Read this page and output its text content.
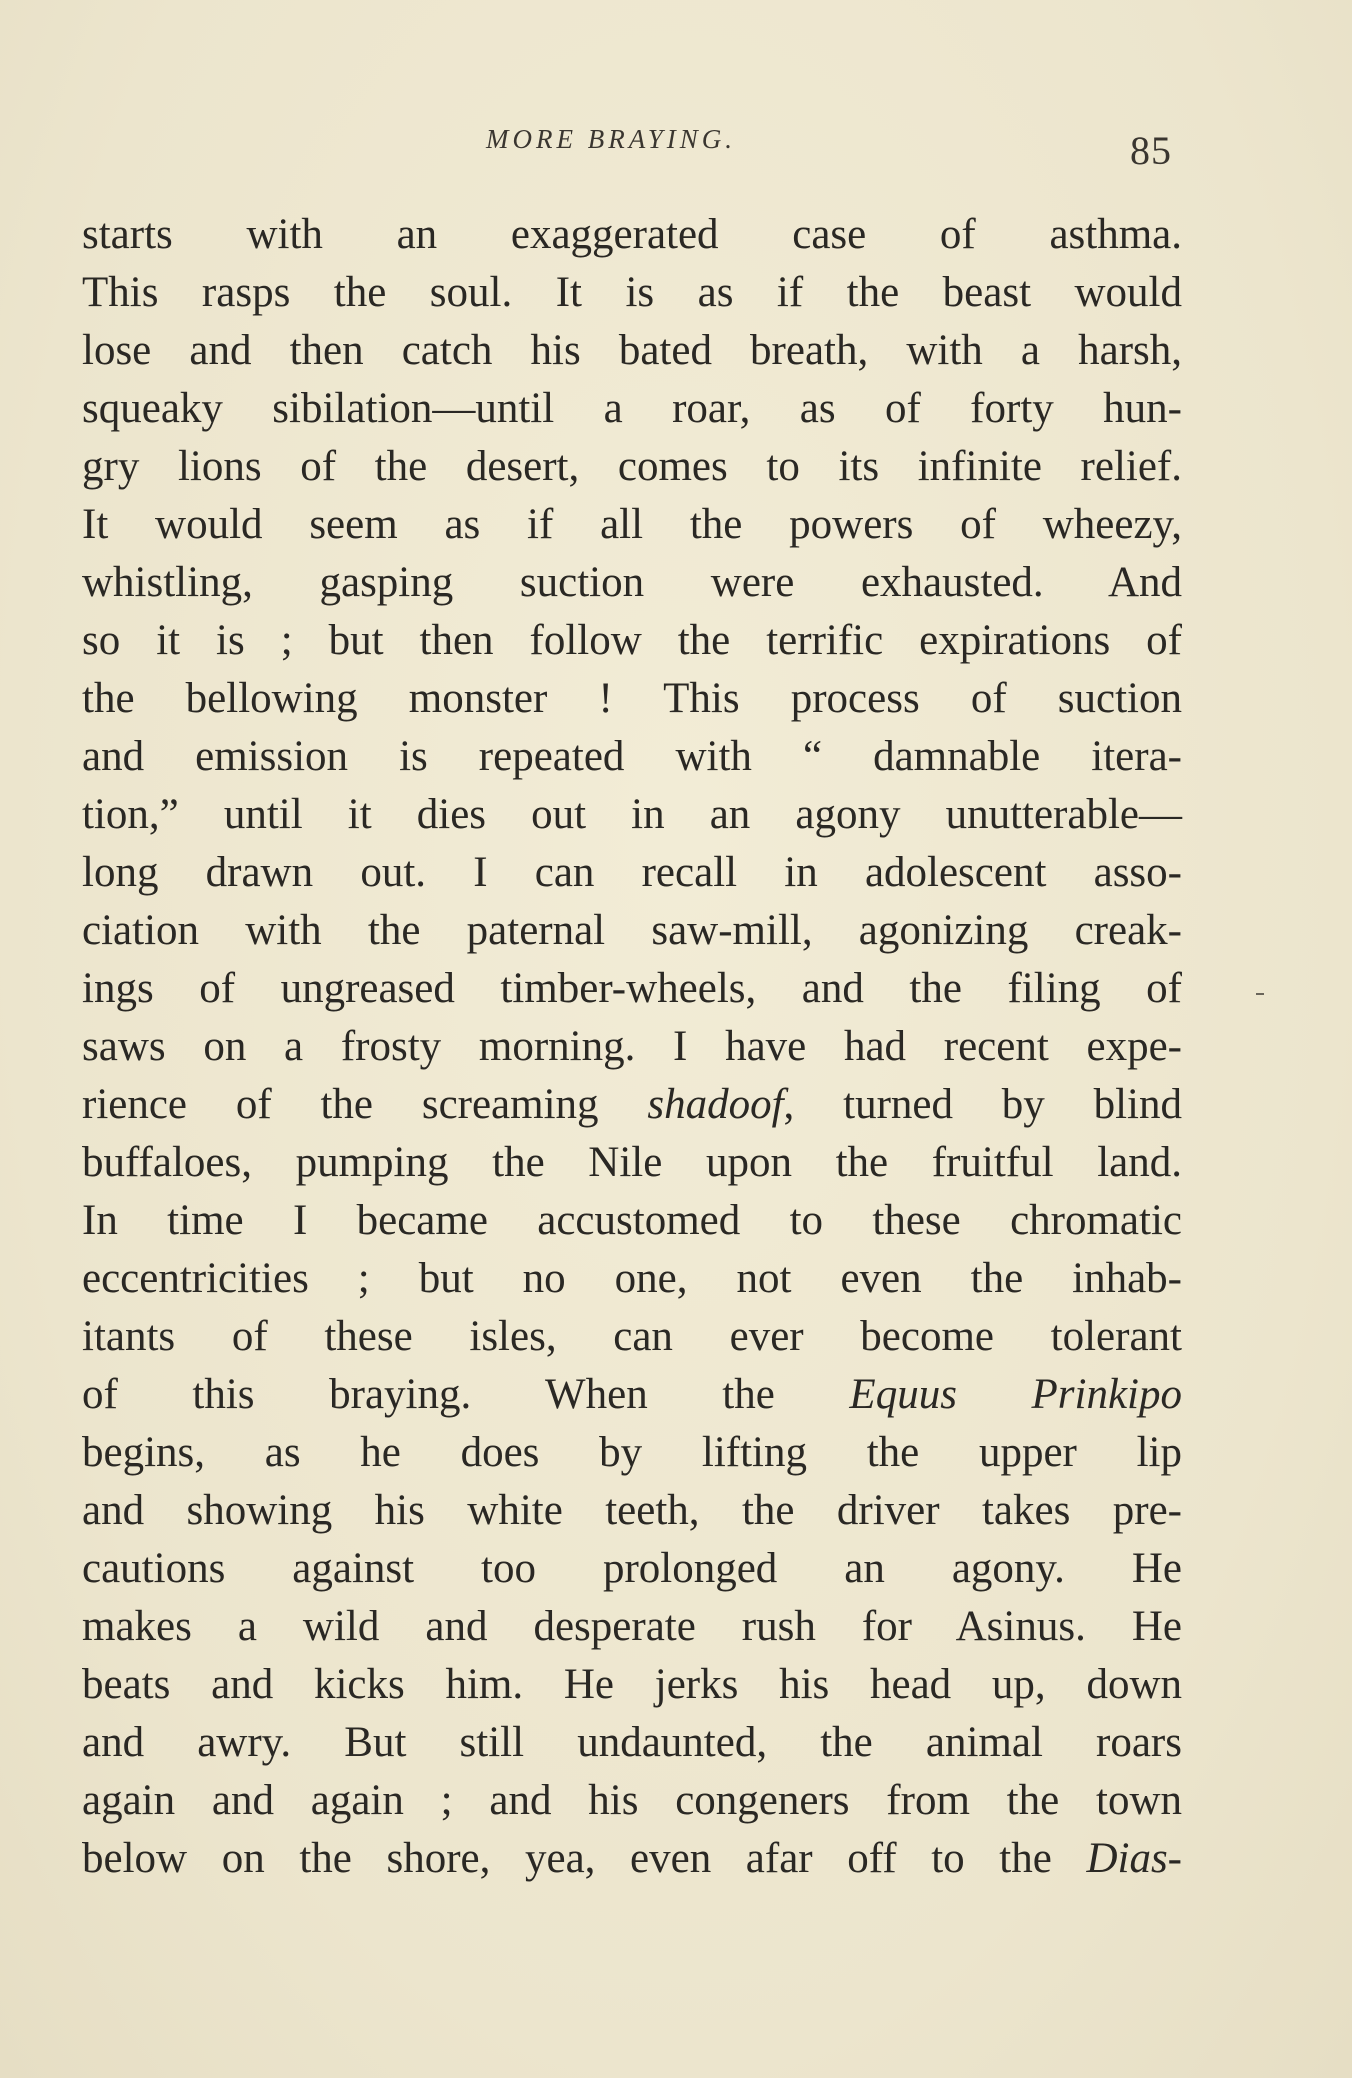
MORE BRAYING.	85
starts with an exaggerated case of asthma.
This rasps the soul. It is as if the beast would
lose and then catch his bated breath, with a harsh,
squeaky sibilation—until a roar, as of forty hun-
gry lions of the desert, comes to its infinite relief.
It would seem as if all the powers of wheezy,
whistling, gasping suction were exhausted. And
so it is ; but then follow the terrific expirations of
the bellowing monster ! This process of suction
and emission is repeated with “ damnable itera-
tion,” until it dies out in an agony unutterable—
long drawn out. I can recall in adolescent asso-
ciation with the paternal saw-mill, agonizing creak-
ings of ungreased timber-wheels, and the filing of
saws on a frosty morning. I have had recent expe-
rience of the screaming shadoof, turned by blind
buffaloes, pumping the Nile upon the fruitful land.
In time I became accustomed to these chromatic
eccentricities ; but no one, not even the inhab-
itants of these isles, can ever become tolerant
of this braying. When the Equus Prinkipo
begins, as he does by lifting the upper lip
and showing his white teeth, the driver takes pre-
cautions against too prolonged an agony. He
makes a wild and desperate rush for Asinus. He
beats and kicks him. He jerks his head up, down
and awry. But still undaunted, the animal roars
again and again ; and his congeners from the town
below on the shore, yea, even afar off to the Dias-
